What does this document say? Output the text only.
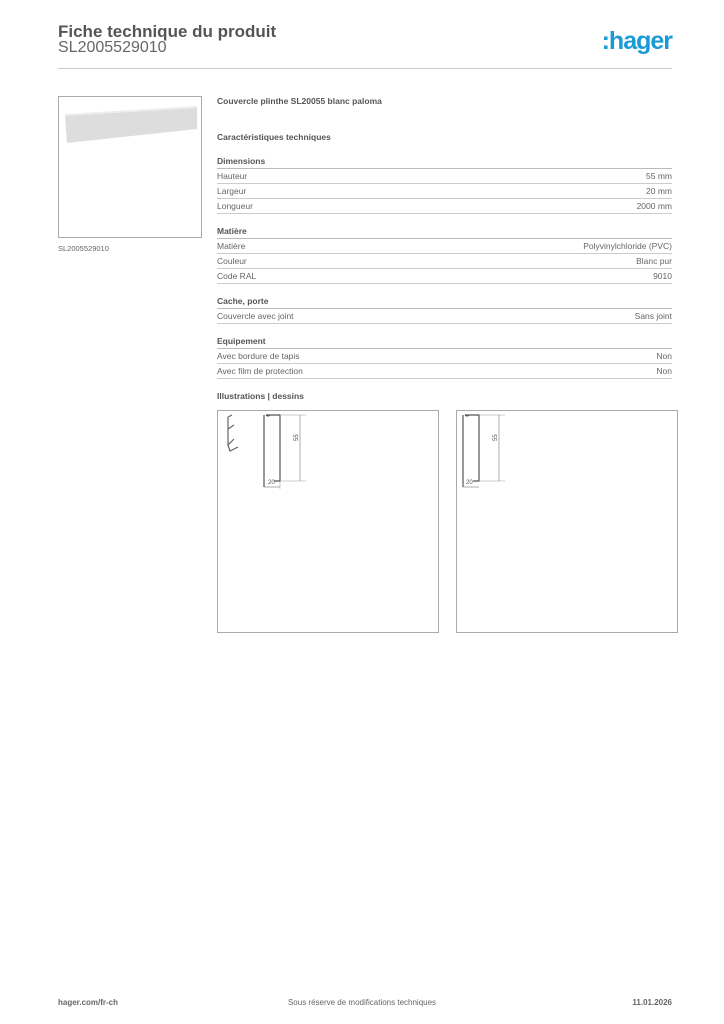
Fiche technique du produit
SL2005529010	:hager
SL2005529010
Couvercle plinthe SL20055 blanc paloma
Caractéristiques techniques
Dimensions
Hauteur	55 mm
Largeur	20 mm
Longueur	2000 mm
Matière
Matière	Polyvinylchloride (PVC)
Couleur	Blanc pur
Code RAL	9010
Cache, porte
Couvercle avec joint	Sans joint
Equipement
Avec bordure de tapis	Non
Avec film de protection	Non
Illustrations | dessins
55
20
55
20
hager.com/fr-ch	Sous réserve de modifications techniques	11.01.2026
